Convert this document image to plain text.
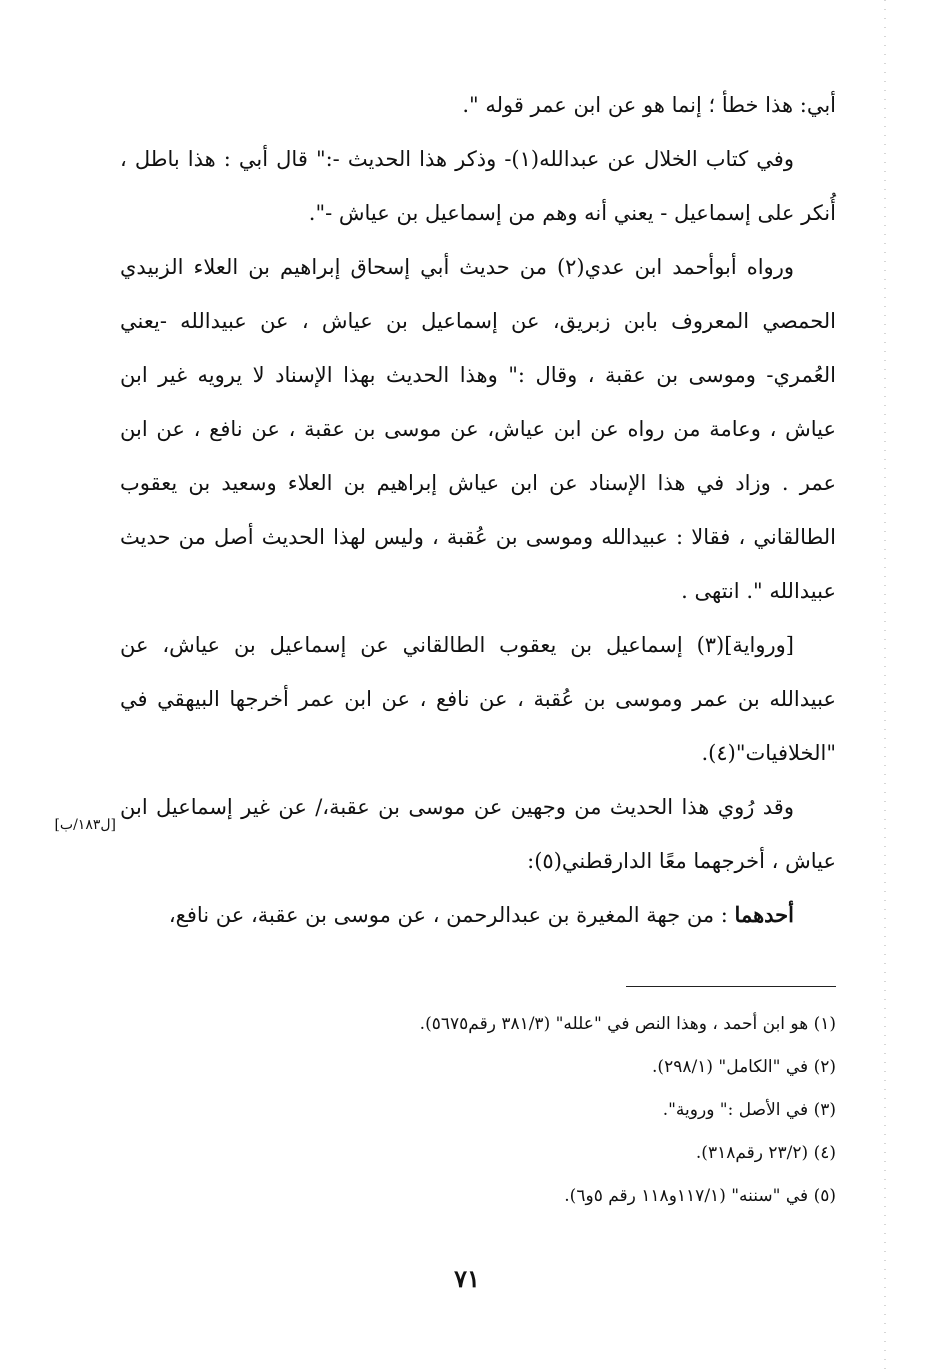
أبي: هذا خطأ ؛ إنما هو عن ابن عمر قوله ".

وفي كتاب الخلال عن عبدالله(١)- وذكر هذا الحديث -:" قال أبي : هذا باطل ، أُنكر على إسماعيل - يعني أنه وهم من إسماعيل بن عياش -".

ورواه أبوأحمد ابن عدي(٢) من حديث أبي إسحاق إبراهيم بن العلاء الزبيدي الحمصي المعروف بابن زبريق، عن إسماعيل بن عياش ، عن عبيدالله -يعني العُمري- وموسى بن عقبة ، وقال :" وهذا الحديث بهذا الإسناد لا يرويه غير ابن عياش ، وعامة من رواه عن ابن عياش، عن موسى بن عقبة ، عن نافع ، عن ابن عمر . وزاد في هذا الإسناد عن ابن عياش إبراهيم بن العلاء وسعيد بن يعقوب الطالقاني ، فقالا : عبيدالله وموسى بن عُقبة ، وليس لهذا الحديث أصل من حديث عبيدالله ". انتهى .

[ورواية](٣) إسماعيل بن يعقوب الطالقاني عن إسماعيل بن عياش، عن عبيدالله بن عمر وموسى بن عُقبة ، عن نافع ، عن ابن عمر أخرجها البيهقي في "الخلافيات"(٤).

وقد رُوي هذا الحديث من وجهين عن موسى بن عقبة،/ عن غير إسماعيل ابن عياش ، أخرجهما معًا الدارقطني(٥):

أحدهما : من جهة المغيرة بن عبدالرحمن ، عن موسى بن عقبة، عن نافع،

[ل١٨٣/ب]
(١) هو ابن أحمد ، وهذا النص في "علله" (٣٨١/٣ رقم٥٦٧٥).
(٢) في "الكامل" (٢٩٨/١).
(٣) في الأصل :" وروية".
(٤) (٢٣/٢ رقم٣١٨).
(٥) في "سننه" (١١٧/١و١١٨ رقم ٥و٦).
٧١
